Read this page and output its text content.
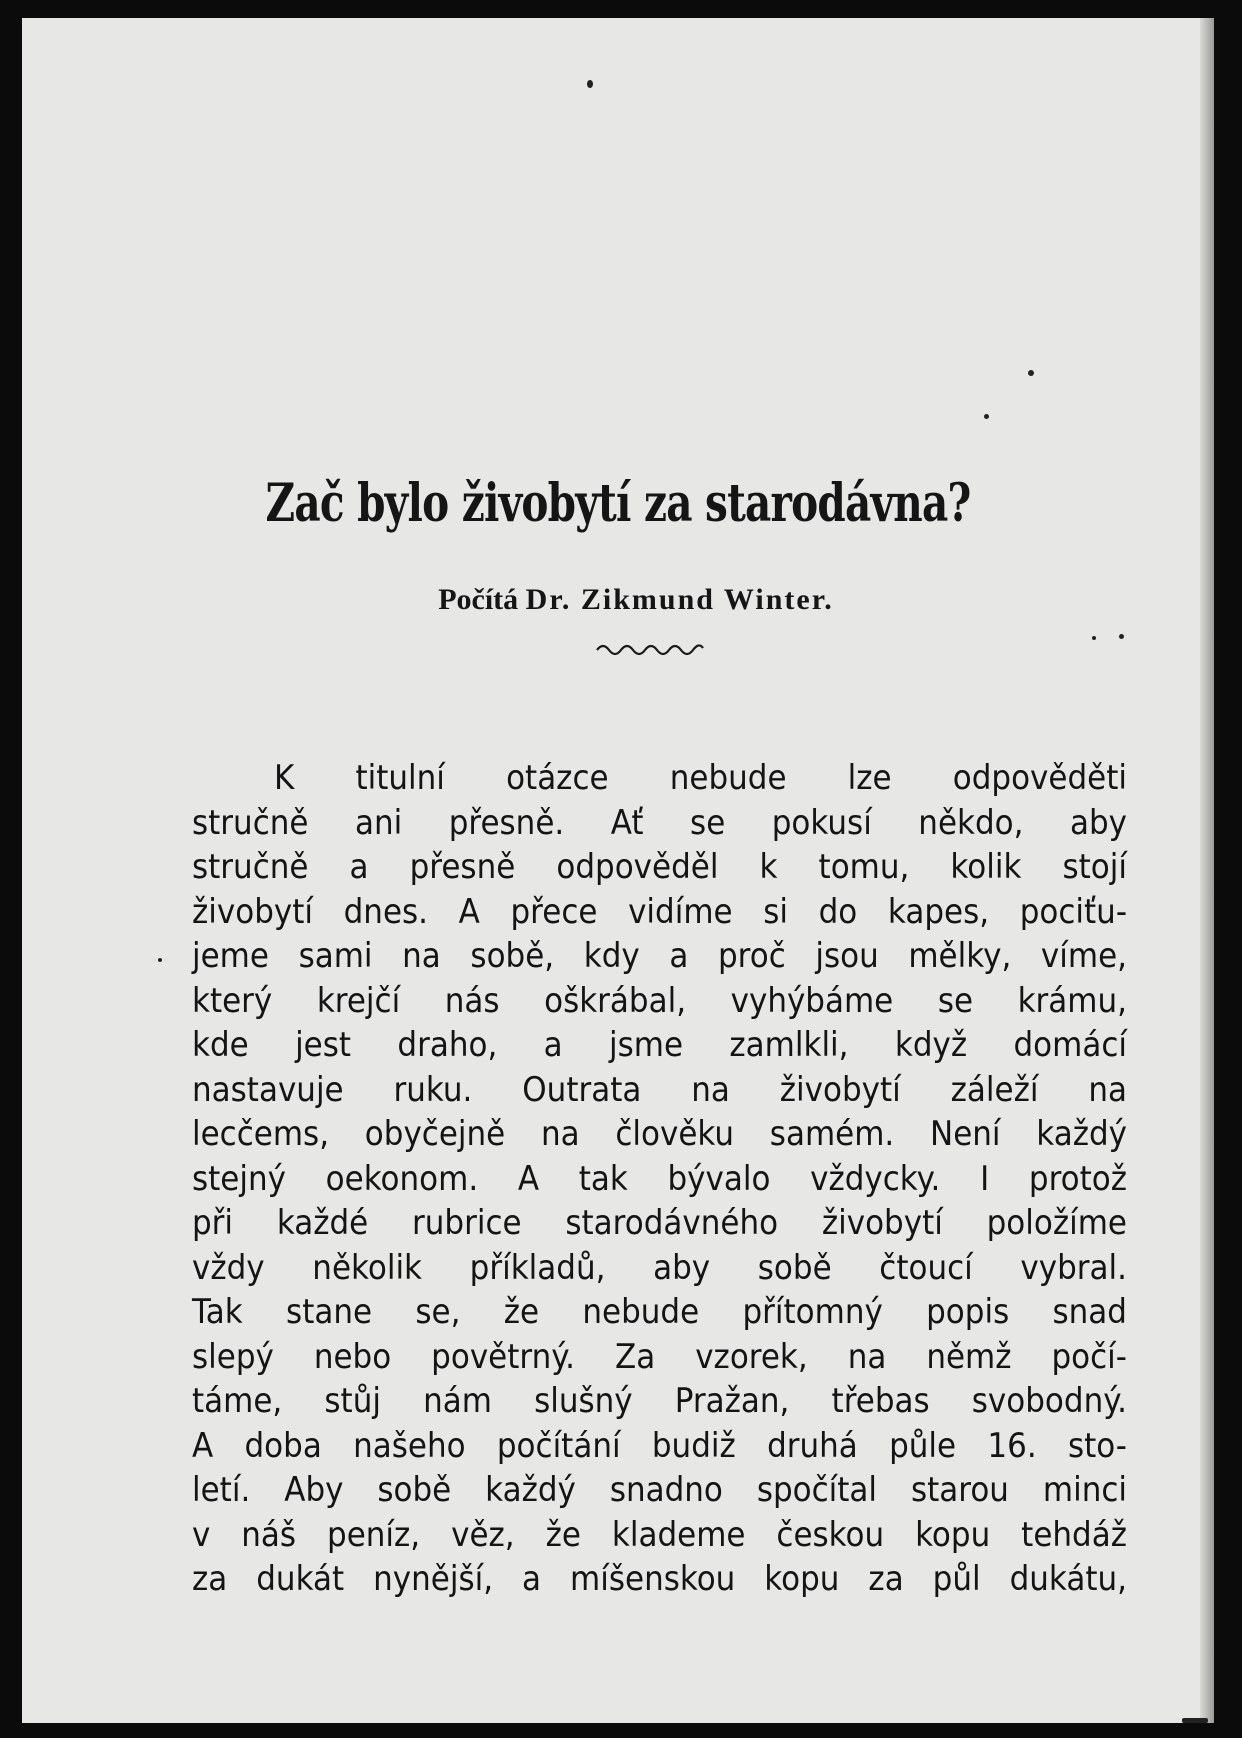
Zač bylo živobytí za starodávna?
Počítá Dr. Zikmund Winter.
K titulní otázce nebude lze odpověděti
stručně ani přesně. Ať se pokusí někdo, aby
stručně a přesně odpověděl k tomu, kolik stojí
živobytí dnes. A přece vidíme si do kapes, pociťu-
jeme sami na sobě, kdy a proč jsou mělky, víme,
který krejčí nás oškrábal, vyhýbáme se krámu,
kde jest draho, a jsme zamlkli, když domácí
nastavuje ruku. Outrata na živobytí záleží na
lecčems, obyčejně na člověku samém. Není každý
stejný oekonom. A tak bývalo vždycky. I protož
při každé rubrice starodávného živobytí položíme
vždy několik příkladů, aby sobě čtoucí vybral.
Tak stane se, že nebude přítomný popis snad
slepý nebo povětrný. Za vzorek, na němž počí-
táme, stůj nám slušný Pražan, třebas svobodný.
A doba našeho počítání budiž druhá půle 16. sto-
letí. Aby sobě každý snadno spočítal starou minci
v náš peníz, věz, že klademe českou kopu tehdáž
za dukát nynější, a míšenskou kopu za půl dukátu,
